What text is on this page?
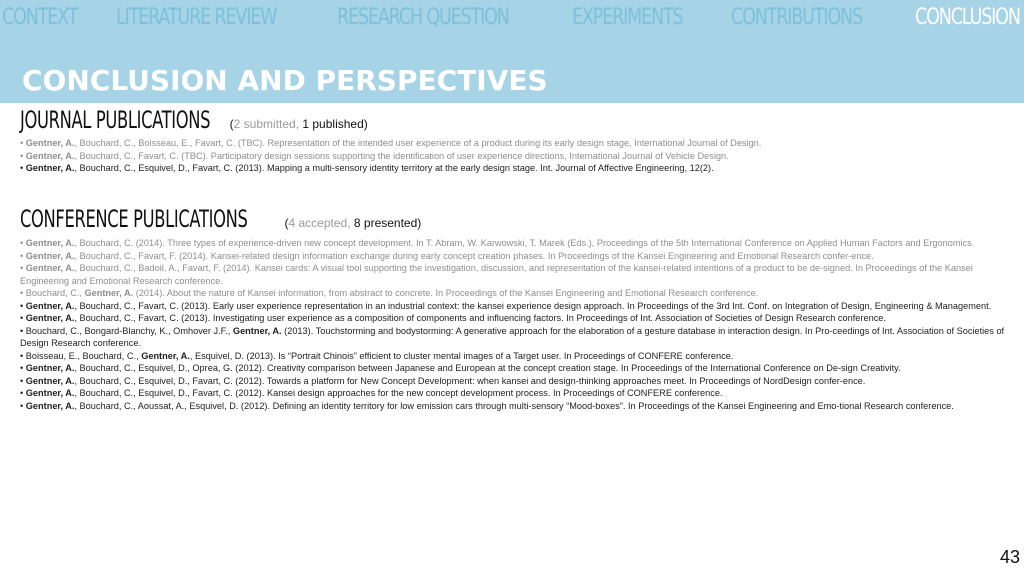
CONTEXT LITERATURE REVIEW	RESEARCH QUESTION	EXPERIMENTS CONTRIBUTIONS CONCLUSION
CONCLUSION AND PERSPECTIVES
JOURNAL PUBLICATIONS (2 submitted, 1 published)

• Gentner, A., Bouchard, C., Boisseau, E., Favart, C. (TBC). Representation of the intended user experience of a product during its early design stage, International Journal of Design.

• Gentner, A., Bouchard, C., Favart, C. (TBC). Participatory design sessions supporting the identification of user experience directions, International Journal of Vehicle Design.

• Gentner, A., Bouchard, C., Esquivel, D., Favart, C. (2013). Mapping a multi-sensory identity territory at the early design stage. Int. Journal of Affective Engineering, 12(2).

CONFERENCE PUBLICATIONS	(4 accepted, 8 presented)

• Gentner, A., Bouchard, C. (2014). Three types of experience-driven new concept development. In T. Abram, W. Karwowski, T. Marek (Eds.), Proceedings of the 5th International Conference on Applied Human Factors and Ergonomics.

• Gentner, A., Bouchard, C., Favart, F. (2014). Kansei-related design information exchange during early concept creation phases. In Proceedings of the Kansei Engineering and Emotional Research confer-ence.

• Gentner, A., Bouchard, C., Badoil, A., Favart, F. (2014). Kansei cards: A visual tool supporting the investigation, discussion, and representation of the kansei-related intentions of a product to be de-signed. In Proceedings of the Kansei Engineering and Emotional Research conference.

• Bouchard, C., Gentner, A. (2014). About the nature of Kansei information, from abstract to concrete. In Proceedings of the Kansei Engineering and Emotional Research conference.

• Gentner, A., Bouchard, C., Favart, C. (2013). Early user experience representation in an industrial context: the kansei experience design approach. In Proceedings of the 3rd Int. Conf. on Integration of Design, Engineering & Management.

• Gentner, A., Bouchard, C., Favart, C. (2013). Investigating user experience as a composition of components and influencing factors. In Proceedings of Int. Association of Societies of Design Research conference.

• Bouchard, C., Bongard-Blanchy, K., Omhover J.F., Gentner, A. (2013). Touchstorming and bodystorming: A generative approach for the elaboration of a gesture database in interaction design. In Pro-ceedings of Int. Association of Societies of Design Research conference.

• Boisseau, E., Bouchard, C., Gentner, A., Esquivel, D. (2013). Is “Portrait Chinois” efficient to cluster mental images of a Target user. In Proceedings of CONFERE conference.

• Gentner, A., Bouchard, C., Esquivel, D., Oprea, G. (2012). Creativity comparison between Japanese and European at the concept creation stage. In Proceedings of the International Conference on De-sign Creativity.

• Gentner, A., Bouchard, C., Esquivel, D., Favart, C. (2012). Towards a platform for New Concept Development: when kansei and design-thinking approaches meet. In Proceedings of NordDesign confer-ence.

• Gentner, A., Bouchard, C., Esquivel, D., Favart, C. (2012). Kansei design approaches for the new concept development process. In Proceedings of CONFERE conference.

• Gentner, A., Bouchard, C., Aoussat, A., Esquivel, D. (2012). Defining an identity territory for low emission cars through multi-sensory “Mood-boxes”. In Proceedings of the Kansei Engineering and Emo-tional Research conference.

43
